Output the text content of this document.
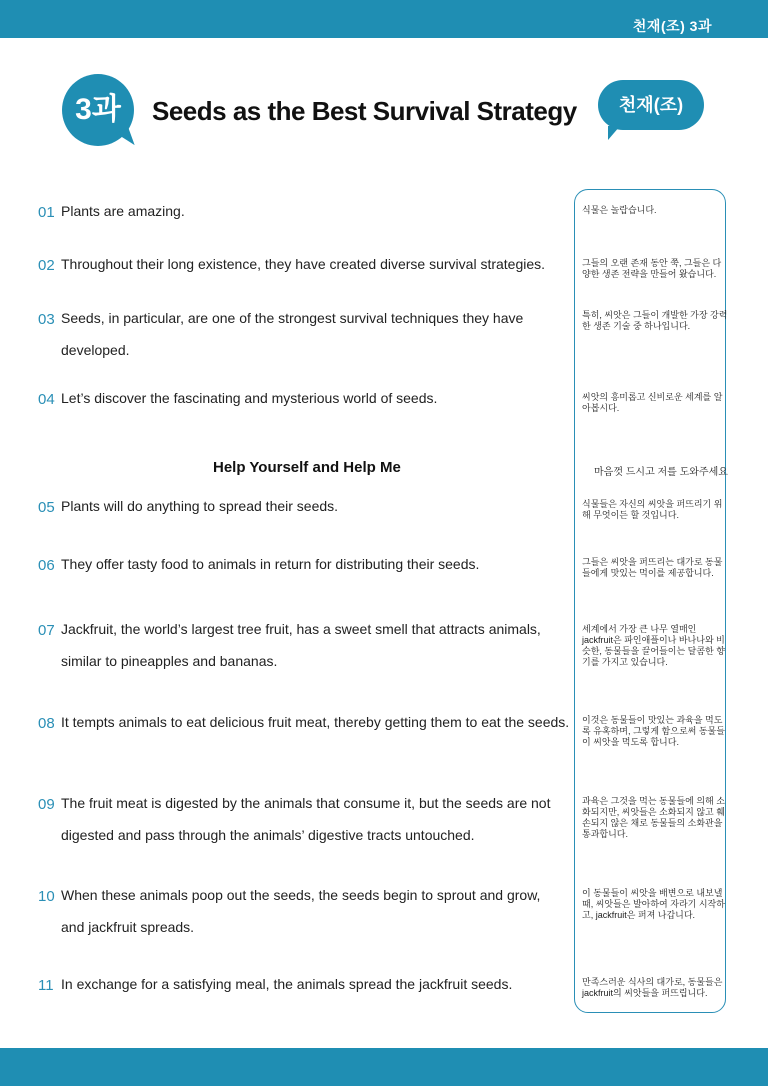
천재(조) 3과
3과	Seeds as the Best Survival Strategy	천재(조)
01 Plants are amazing.	식물은 놀랍습니다.
02 Throughout their long existence, they have created diverse survival strategies.	그들의 오랜 존재 동안 쭉, 그들은 다양한 생존 전략을 만들어 왔습니다.
03 Seeds, in particular, are one of the strongest survival techniques they have
developed.
특히, 씨앗은 그들이 개발한 가장 강력한 생존 기술 중 하나입니다.
04 Let’s discover the fascinating and mysterious world of seeds.	씨앗의 흥미롭고 신비로운 세계를 알아봅시다.
Help Yourself and Help Me	마음껏 드시고 저를 도와주세요
05 Plants will do anything to spread their seeds.	식물들은 자신의 씨앗을 퍼뜨리기 위해 무엇이든 할 것입니다.
06 They offer tasty food to animals in return for distributing their seeds.	그들은 씨앗을 퍼뜨리는 대가로 동물들에게 맛있는 먹이를 제공합니다.
07 Jackfruit, the world’s largest tree fruit, has a sweet smell that attracts animals,
similar to pineapples and bananas.
세계에서 가장 큰 나무 열매인 jackfruit은 파인애플이나 바나나와 비슷한, 동물들을 끌어들이는 달콤한 향기를 가지고 있습니다.
08 It tempts animals to eat delicious fruit meat, thereby getting them to eat the seeds. 이것은 동물들이 맛있는 과육을 먹도록 유혹하며, 그렇게 함으로써 동물들이 씨앗을 먹도록 합니다.
09 The fruit meat is digested by the animals that consume it, but the seeds are not
digested and pass through the animals’ digestive tracts untouched.
과육은 그것을 먹는 동물들에 의해 소화되지만, 씨앗들은 소화되지 않고 훼손되지 않은 채로 동물들의 소화관을 통과합니다.
10 When these animals poop out the seeds, the seeds begin to sprout and grow,
and jackfruit spreads.
이 동물들이 씨앗을 배변으로 내보낼 때, 씨앗들은 발아하여 자라기 시작하고, jackfruit은 퍼져 나갑니다.
11 In exchange for a satisfying meal, the animals spread the jackfruit seeds.	만족스러운 식사의 대가로, 동물들은 jackfruit의 씨앗들을 퍼뜨립니다.
